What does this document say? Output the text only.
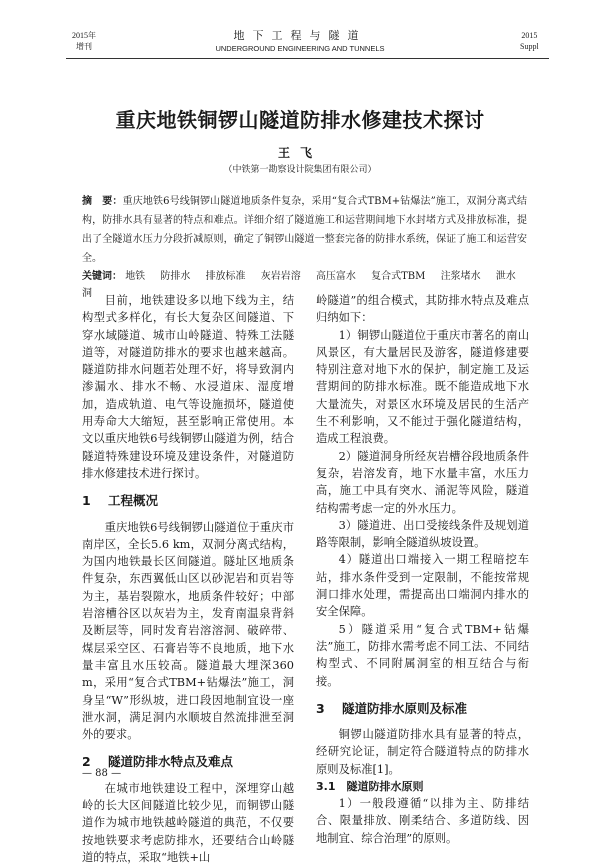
2015年
增刊
地下工程与隧道
UNDERGROUND ENGINEERING AND TUNNELS
2015
Suppl
重庆地铁铜锣山隧道防排水修建技术探讨
王飞
（中铁第一勘察设计院集团有限公司）
摘　要：重庆地铁6号线铜锣山隧道地质条件复杂，采用“复合式TBM+钻爆法”施工，双洞分离式结构，防排水具有显著的特点和难点。详细介绍了隧道施工和运营期间地下水封堵方式及排放标准，提出了全隧道水压力分段折减原则，确定了铜锣山隧道一整套完备的防排水系统，保证了施工和运营安全。
关键词： 地铁 防排水 排放标准 灰岩岩溶 高压富水 复合式TBM 注浆堵水 泄水洞

目前，地铁建设多以地下线为主，结构型式多样化，有长大复杂区间隧道、下穿水域隧道、城市山岭隧道、特殊工法隧道等，对隧道防排水的要求也越来越高。隧道防排水问题若处理不好，将导致洞内渗漏水、排水不畅、水浸道床、湿度增加，造成轨道、电气等设施损坏，隧道使用寿命大大缩短，甚至影响正常使用。本文以重庆地铁6号线铜锣山隧道为例，结合隧道特殊建设环境及建设条件，对隧道防排水修建技术进行探讨。

1 工程概况

重庆地铁6号线铜锣山隧道位于重庆市南岸区，全长5.6 km，双洞分离式结构，为国内地铁最长区间隧道。隧址区地质条件复杂，东西翼低山区以砂泥岩和页岩等为主，基岩裂隙水，地质条件较好；中部岩溶槽谷区以灰岩为主，发育南温泉背斜及断层等，同时发育岩溶溶洞、破碎带、煤层采空区、石膏岩等不良地质，地下水量丰富且水压较高。隧道最大埋深360 m，采用“复合式TBM+钻爆法”施工，洞身呈“W”形纵坡，进口段因地制宜设一座泄水洞，满足洞内水顺坡自然流排泄至洞外的要求。

2 隧道防排水特点及难点

在城市地铁建设工程中，深埋穿山越岭的长大区间隧道比较少见，而铜锣山隧道作为城市地铁越岭隧道的典范，不仅要按地铁要求考虑防排水，还要结合山岭隧道的特点，采取“地铁+山

岭隧道”的组合模式，其防排水特点及难点归纳如下：

1）铜锣山隧道位于重庆市著名的南山风景区，有大量居民及游客，隧道修建要特别注意对地下水的保护，制定施工及运营期间的防排水标准。既不能造成地下水大量流失，对景区水环境及居民的生活产生不利影响，又不能过于强化隧道结构，造成工程浪费。

2）隧道洞身所经灰岩槽谷段地质条件复杂，岩溶发育，地下水量丰富，水压力高，施工中具有突水、涌泥等风险，隧道结构需考虑一定的外水压力。

3）隧道进、出口受接线条件及规划道路等限制，影响全隧道纵坡设置。

4）隧道出口端接入一期工程暗挖车站，排水条件受到一定限制，不能按常规洞口排水处理，需提高出口端洞内排水的安全保障。

5）隧道采用“复合式TBM+钻爆法”施工，防排水需考虑不同工法、不同结构型式、不同附属洞室的相互结合与衔接。

3 隧道防排水原则及标准

铜锣山隧道防排水具有显著的特点，经研究论证，制定符合隧道特点的防排水原则及标准[1]。

3.1　隧道防排水原则

1）一般段遵循“以排为主、防排结合、限量排放、刚柔结合、多道防线、因地制宜、综合治理”的原则。

— 88 —
